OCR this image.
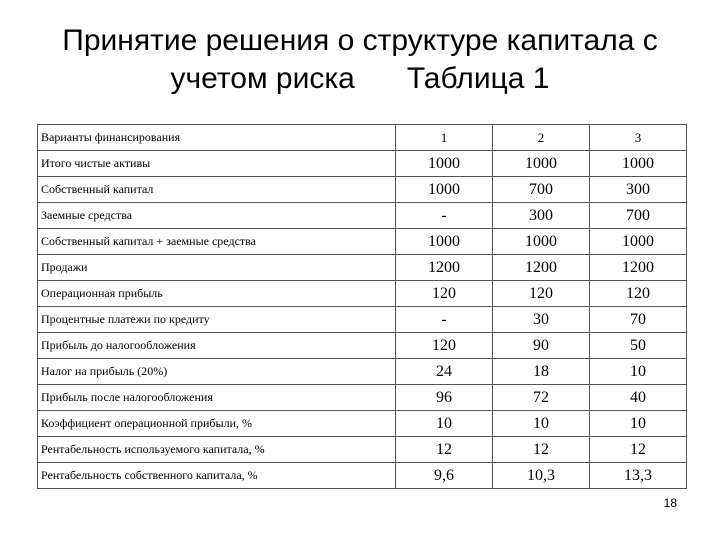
Принятие решения о структуре капитала с
учетом риска Таблица 1
Варианты финансирования	1	2	3
Итого чистые активы	1000	1000	1000
Собственный капитал	1000	700	300
Заемные средства	-	300	700
Собственный капитал + заемные средства	1000	1000	1000
Продажи	1200	1200	1200
Операционная прибыль	120	120	120
Процентные платежи по кредиту	-	30	70
Прибыль до налогообложения	120	90	50
Налог на прибыль (20%)	24	18	10
Прибыль после налогообложения	96	72	40
Коэффициент операционной прибыли, %	10	10	10
Рентабельность используемого капитала, %	12	12	12
Рентабельность собственного капитала, %	9,6	10,3	13,3
18
